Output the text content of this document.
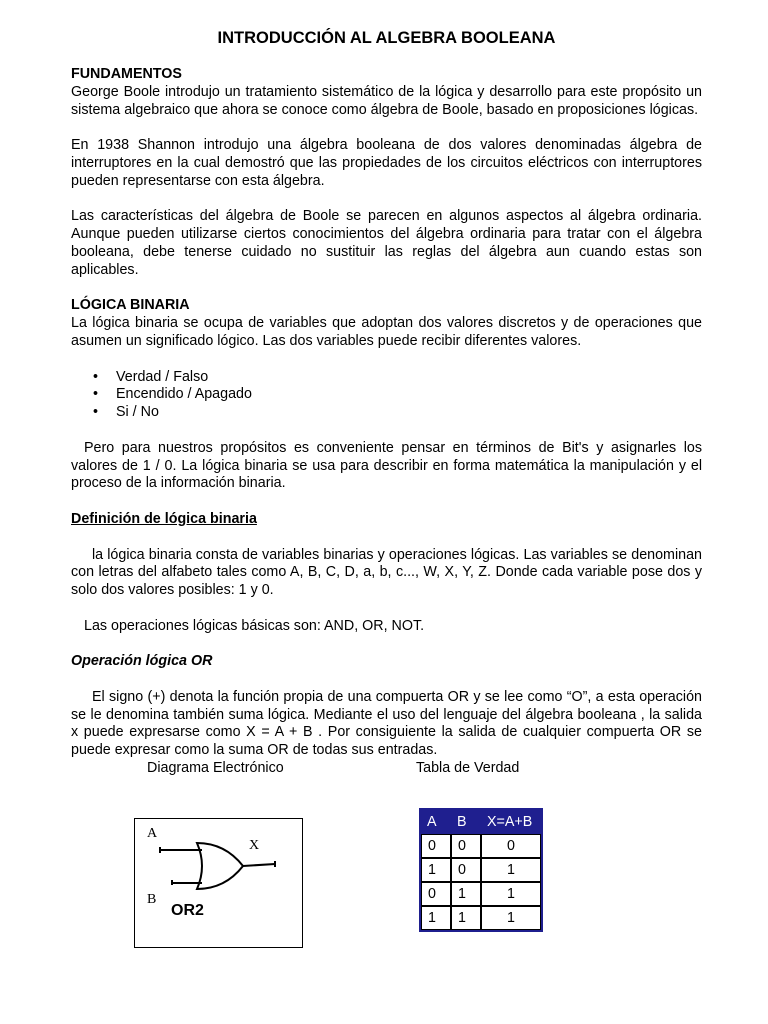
INTRODUCCIÓN AL ALGEBRA BOOLEANA
FUNDAMENTOS

George Boole introdujo un tratamiento sistemático de la lógica y desarrollo para este propósito un sistema algebraico que ahora se conoce como álgebra de Boole, basado en proposiciones lógicas.

En 1938 Shannon introdujo una álgebra booleana de dos valores denominadas álgebra de interruptores en la cual demostró que las propiedades de los circuitos eléctricos con interruptores pueden representarse con esta álgebra.

Las características del álgebra de Boole se parecen en algunos aspectos al álgebra ordinaria. Aunque pueden utilizarse ciertos conocimientos del álgebra ordinaria para tratar con el álgebra booleana, debe tenerse cuidado no sustituir las reglas del álgebra aun cuando estas son aplicables.

LÓGICA BINARIA

La lógica binaria se ocupa de variables que adoptan dos valores discretos y de operaciones que asumen un significado lógico. Las dos variables puede recibir diferentes valores.

• Verdad / Falso
• Encendido / Apagado
• Si / No

Pero para nuestros propósitos es conveniente pensar en términos de Bit's y asignarles los valores de 1 / 0. La lógica binaria se usa para describir en forma matemática la manipulación y el proceso de la información binaria.

Definición de lógica binaria

la lógica binaria consta de variables binarias y operaciones lógicas. Las variables se denominan con letras del alfabeto tales como A, B, C, D, a, b, c..., W, X, Y, Z. Donde cada variable pose dos y solo dos valores posibles: 1 y 0.

Las operaciones lógicas básicas son: AND, OR, NOT.

Operación lógica OR

El signo (+) denota la función propia de una compuerta OR y se lee como “O”, a esta operación se le denomina también suma lógica. Mediante el uso del lenguaje del álgebra booleana , la salida x puede expresarse como X = A + B . Por consiguiente la salida de cualquier compuerta OR se puede expresar como la suma OR de todas sus entradas.

Diagrama Electrónico	Tabla de Verdad
A
B
X
OR2
A	B	X=A+B
0	0	0
1	0	1
0	1	1
1	1	1
